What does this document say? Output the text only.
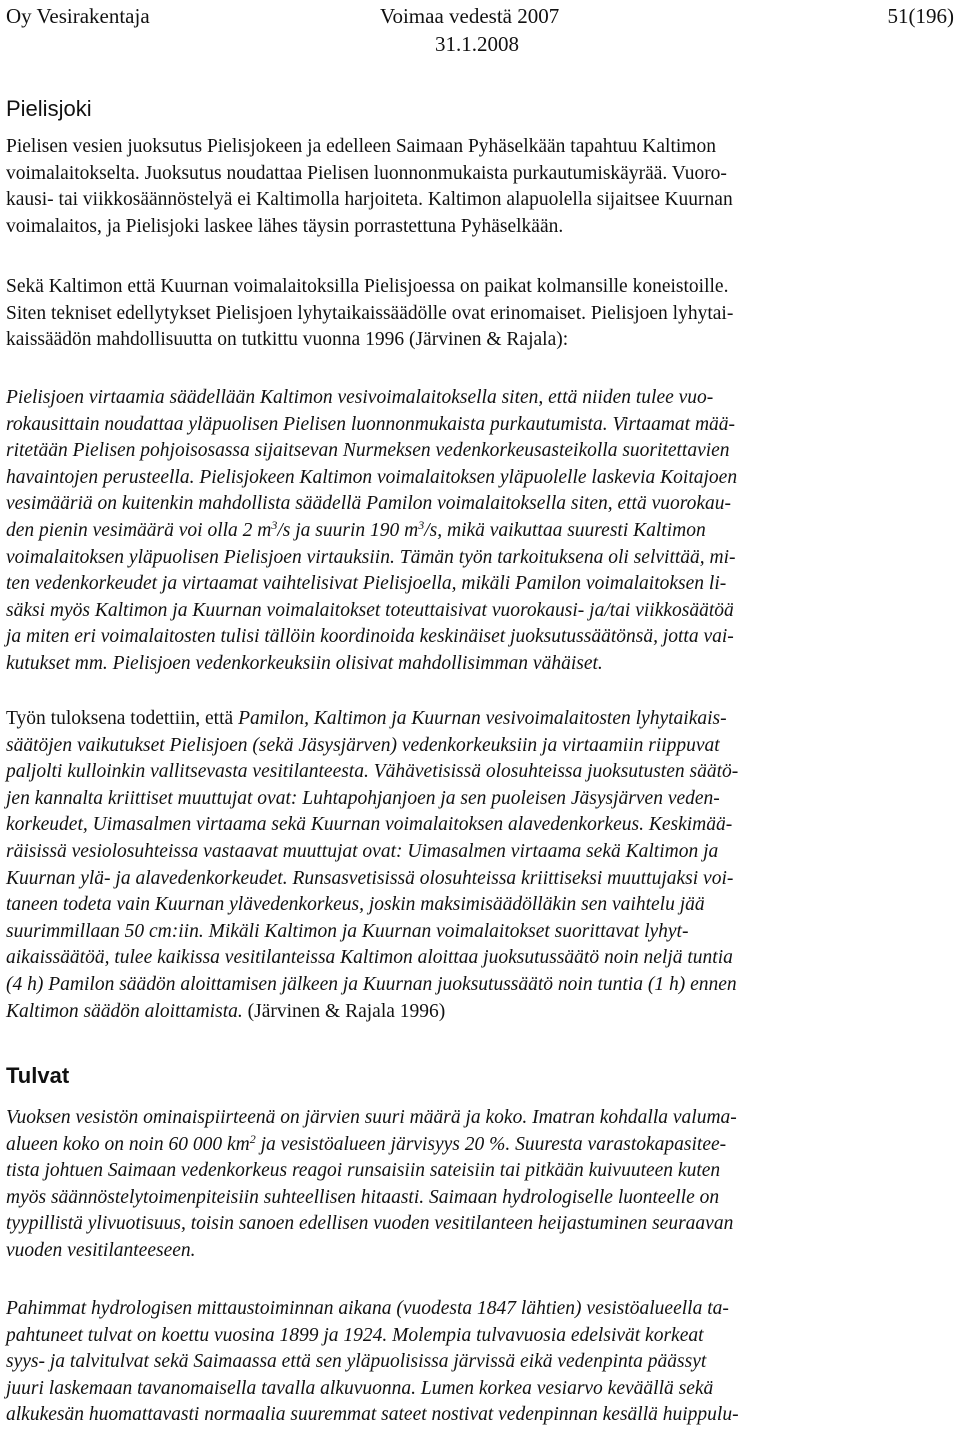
Oy Vesirakentaja	Voimaa vedestä 2007	51(196)
31.1.2008
Pielisjoki
Pielisen vesien juoksutus Pielisjokeen ja edelleen Saimaan Pyhäselkään tapahtuu Kaltimon
voimalaitokselta. Juoksutus noudattaa Pielisen luonnonmukaista purkautumiskäyrää. Vuoro-
kausi- tai viikkosäännöstelyä ei Kaltimolla harjoiteta. Kaltimon alapuolella sijaitsee Kuurnan
voimalaitos, ja Pielisjoki laskee lähes täysin porrastettuna Pyhäselkään.
Sekä Kaltimon että Kuurnan voimalaitoksilla Pielisjoessa on paikat kolmansille koneistoille.
Siten tekniset edellytykset Pielisjoen lyhytaikaissäädölle ovat erinomaiset. Pielisjoen lyhytai-
kaissäädön mahdollisuutta on tutkittu vuonna 1996 (Järvinen & Rajala):
Pielisjoen virtaamia säädellään Kaltimon vesivoimalaitoksella siten, että niiden tulee vuo-
rokausittain noudattaa yläpuolisen Pielisen luonnonmukaista purkautumista. Virtaamat mää-
ritetään Pielisen pohjoisosassa sijaitsevan Nurmeksen vedenkorkeusasteikolla suoritettavien
havaintojen perusteella. Pielisjokeen Kaltimon voimalaitoksen yläpuolelle laskevia Koitajoen
vesimääriä on kuitenkin mahdollista säädellä Pamilon voimalaitoksella siten, että vuorokau-
den pienin vesimäärä voi olla 2 $m^3/s$ ja suurin 190 $m^3/s$, mikä vaikuttaa suuresti Kaltimon
voimalaitoksen yläpuolisen Pielisjoen virtauksiin. Tämän työn tarkoituksena oli selvittää, mi-
ten vedenkorkeudet ja virtaamat vaihtelisivat Pielisjoella, mikäli Pamilon voimalaitoksen li-
säksi myös Kaltimon ja Kuurnan voimalaitokset toteuttaisivat vuorokausi- ja/tai viikkosäätöä
ja miten eri voimalaitosten tulisi tällöin koordinoida keskinäiset juoksutussäätönsä, jotta vai-
kutukset mm. Pielisjoen vedenkorkeuksiin olisivat mahdollisimman vähäiset.
Työn tuloksena todettiin, että Pamilon, Kaltimon ja Kuurnan vesivoimalaitosten lyhytaikais-
säätöjen vaikutukset Pielisjoen (sekä Jäsysjärven) vedenkorkeuksiin ja virtaamiin riippuvat
paljolti kulloinkin vallitsevasta vesitilanteesta. Vähävetisissä olosuhteissa juoksutusten säätö-
jen kannalta kriittiset muuttujat ovat: Luhtapohjanjoen ja sen puoleisen Jäsysjärven veden-
korkeudet, Uimasalmen virtaama sekä Kuurnan voimalaitoksen alavedenkorkeus. Keskimää-
räisissä vesiolosuhteissa vastaavat muuttujat ovat: Uimasalmen virtaama sekä Kaltimon ja
Kuurnan ylä- ja alavedenkorkeudet. Runsasvetisissä olosuhteissa kriittiseksi muuttujaksi voi-
taneen todeta vain Kuurnan ylävedenkorkeus, joskin maksimisäädölläkin sen vaihtelu jää
suurimmillaan 50 cm:iin. Mikäli Kaltimon ja Kuurnan voimalaitokset suorittavat lyhyt-
aikaissäätöä, tulee kaikissa vesitilanteissa Kaltimon aloittaa juoksutussäätö noin neljä tuntia
(4 h) Pamilon säädön aloittamisen jälkeen ja Kuurnan juoksutussäätö noin tuntia (1 h) ennen
Kaltimon säädön aloittamista. (Järvinen & Rajala 1996)
Tulvat
Vuoksen vesistön ominaispiirteenä on järvien suuri määrä ja koko. Imatran kohdalla valuma-
alueen koko on noin 60 000 $km^2$ ja vesistöalueen järvisyys 20 %. Suuresta varastokapasitee-
tista johtuen Saimaan vedenkorkeus reagoi runsaisiin sateisiin tai pitkään kuivuuteen kuten
myös säännöstelytoimenpiteisiin suhteellisen hitaasti. Saimaan hydrologiselle luonteelle on
tyypillistä ylivuotisuus, toisin sanoen edellisen vuoden vesitilanteen heijastuminen seuraavan
vuoden vesitilanteeseen.
Pahimmat hydrologisen mittaustoiminnan aikana (vuodesta 1847 lähtien) vesistöalueella ta-
pahtuneet tulvat on koettu vuosina 1899 ja 1924. Molempia tulvavuosia edelsivät korkeat
syys- ja talvitulvat sekä Saimaassa että sen yläpuolisissa järvissä eikä vedenpinta päässyt
juuri laskemaan tavanomaisella tavalla alkuvuonna. Lumen korkea vesiarvo keväällä sekä
alkukesän huomattavasti normaalia suuremmat sateet nostivat vedenpinnan kesällä huippulu-
